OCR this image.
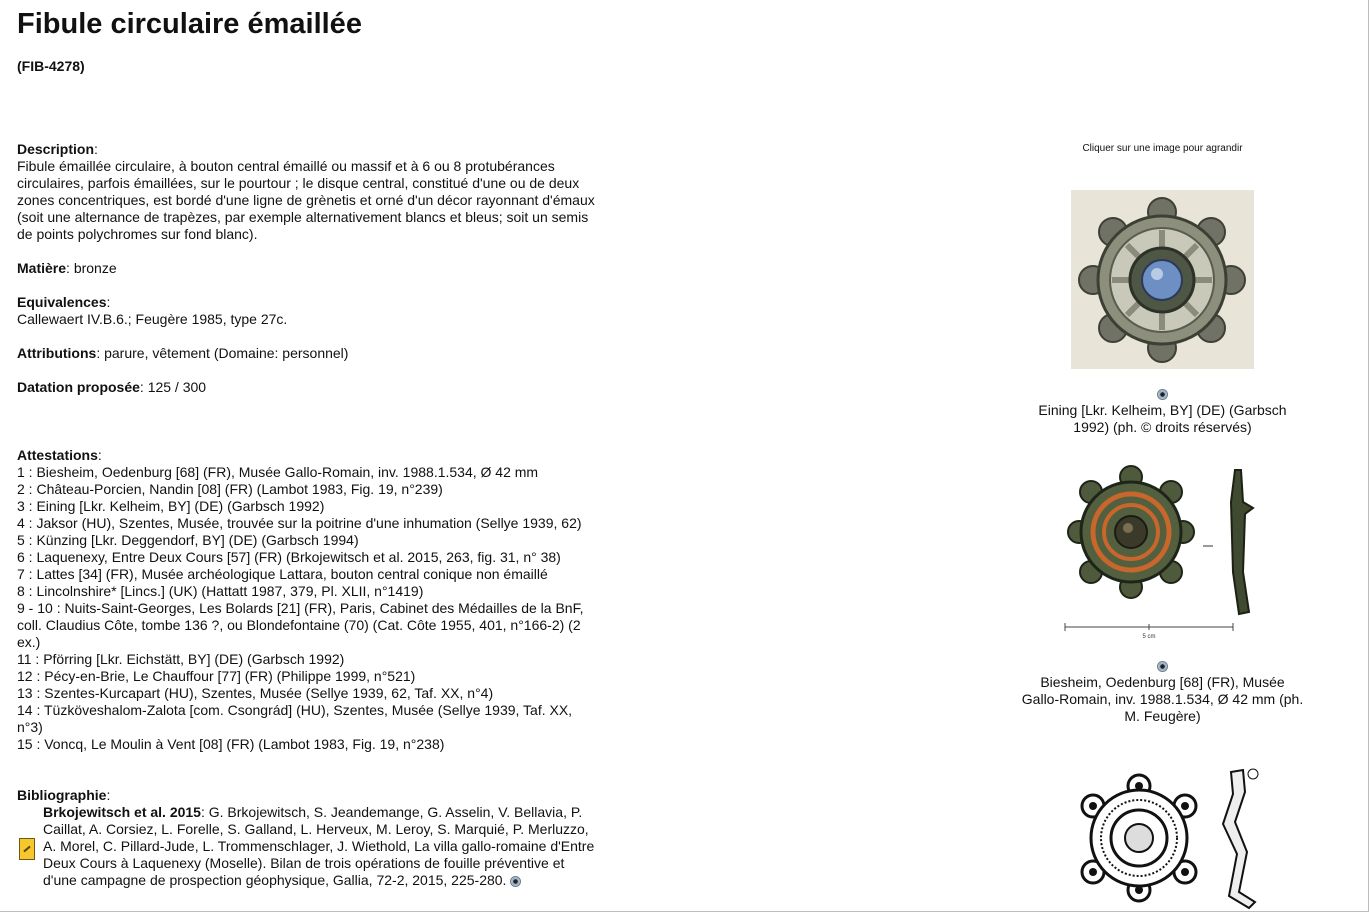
Fibule circulaire émaillée
(FIB-4278)
Description:
Fibule émaillée circulaire, à bouton central émaillé ou massif et à 6 ou 8 protubérances circulaires, parfois émaillées, sur le pourtour ; le disque central, constitué d'une ou de deux zones concentriques, est bordé d'une ligne de grènetis et orné d'un décor rayonnant d'émaux (soit une alternance de trapèzes, par exemple alternativement blancs et bleus; soit un semis de points polychromes sur fond blanc).
Matière: bronze
Equivalences:
Callewaert IV.B.6.; Feugère 1985, type 27c.
Attributions: parure, vêtement (Domaine: personnel)
Datation proposée: 125 / 300
Attestations:
1 : Biesheim, Oedenburg [68] (FR), Musée Gallo-Romain, inv. 1988.1.534, Ø 42 mm
2 : Château-Porcien, Nandin [08] (FR) (Lambot 1983, Fig. 19, n°239)
3 : Eining [Lkr. Kelheim, BY] (DE) (Garbsch 1992)
4 : Jaksor (HU), Szentes, Musée, trouvée sur la poitrine d'une inhumation (Sellye 1939, 62)
5 : Künzing [Lkr. Deggendorf, BY] (DE) (Garbsch 1994)
6 : Laquenexy, Entre Deux Cours [57] (FR) (Brkojewitsch et al. 2015, 263, fig. 31, n° 38)
7 : Lattes [34] (FR), Musée archéologique Lattara, bouton central conique non émaillé
8 : Lincolnshire* [Lincs.] (UK) (Hattatt 1987, 379, Pl. XLII, n°1419)
9 - 10 : Nuits-Saint-Georges, Les Bolards [21] (FR), Paris, Cabinet des Médailles de la BnF, coll. Claudius Côte, tombe 136 ?, ou Blondefontaine (70) (Cat. Côte 1955, 401, n°166-2) (2 ex.)
11 : Pförring [Lkr. Eichstätt, BY] (DE) (Garbsch 1992)
12 : Pécy-en-Brie, Le Chauffour [77] (FR) (Philippe 1999, n°521)
13 : Szentes-Kurcapart (HU), Szentes, Musée (Sellye 1939, 62, Taf. XX, n°4)
14 : Tüzköveshalom-Zalota [com. Csongrád] (HU), Szentes, Musée (Sellye 1939, Taf. XX, n°3)
15 : Voncq, Le Moulin à Vent [08] (FR) (Lambot 1983, Fig. 19, n°238)
Bibliographie:
Brkojewitsch et al. 2015: G. Brkojewitsch, S. Jeandemange, G. Asselin, V. Bellavia, P. Caillat, A. Corsiez, L. Forelle, S. Galland, L. Herveux, M. Leroy, S. Marquié, P. Merluzzo, A. Morel, C. Pillard-Jude, L. Trommenschlager, J. Wiethold, La villa gallo-romaine d'Entre Deux Cours à Laquenexy (Moselle). Bilan de trois opérations de fouille préventive et d'une campagne de prospection géophysique, Gallia, 72-2, 2015, 225-280.
Cliquer sur une image pour agrandir
Eining [Lkr. Kelheim, BY] (DE) (Garbsch 1992) (ph. © droits réservés)
5 cm
Biesheim, Oedenburg [68] (FR), Musée Gallo-Romain, inv. 1988.1.534, Ø 42 mm (ph. M. Feugère)
